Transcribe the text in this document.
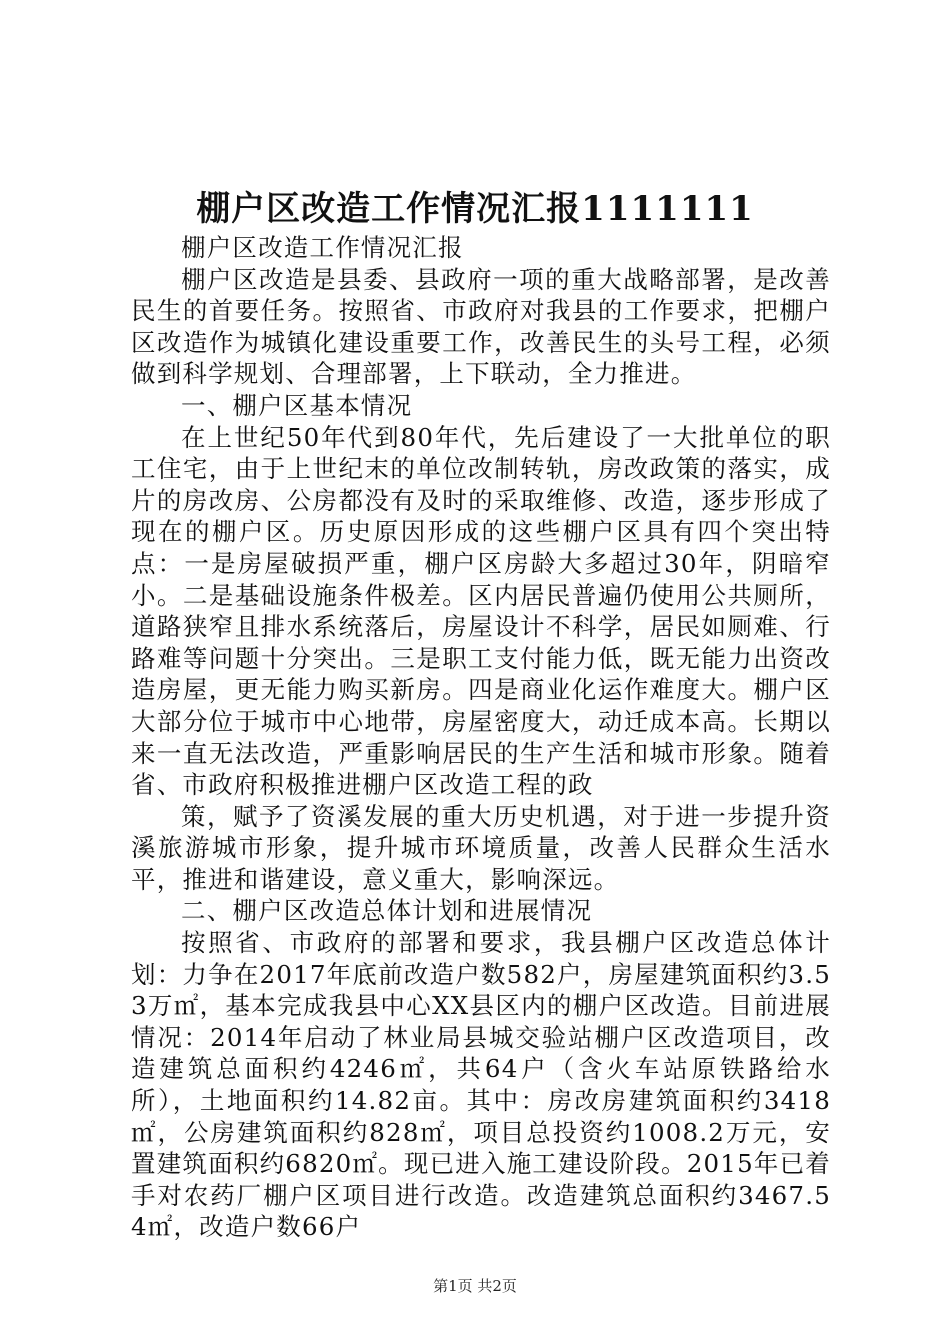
棚户区改造工作情况汇报1111111

棚户区改造工作情况汇报

棚户区改造是县委、县政府一项的重大战略部署，是改善民生的首要任务。按照省、市政府对我县的工作要求，把棚户区改造作为城镇化建设重要工作，改善民生的头号工程，必须做到科学规划、合理部署，上下联动，全力推进。

一、棚户区基本情况

在上世纪50年代到80年代，先后建设了一大批单位的职工住宅，由于上世纪末的单位改制转轨，房改政策的落实，成片的房改房、公房都没有及时的采取维修、改造，逐步形成了现在的棚户区。历史原因形成的这些棚户区具有四个突出特点：一是房屋破损严重，棚户区房龄大多超过30年，阴暗窄小。二是基础设施条件极差。区内居民普遍仍使用公共厕所，道路狭窄且排水系统落后，房屋设计不科学，居民如厕难、行路难等问题十分突出。三是职工支付能力低，既无能力出资改造房屋，更无能力购买新房。四是商业化运作难度大。棚户区大部分位于城市中心地带，房屋密度大，动迁成本高。长期以来一直无法改造，严重影响居民的生产生活和城市形象。随着省、市政府积极推进棚户区改造工程的政

策，赋予了资溪发展的重大历史机遇，对于进一步提升资溪旅游城市形象，提升城市环境质量，改善人民群众生活水平，推进和谐建设，意义重大，影响深远。

二、棚户区改造总体计划和进展情况

按照省、市政府的部署和要求，我县棚户区改造总体计划：力争在2017年底前改造户数582户，房屋建筑面积约3.53万㎡，基本完成我县中心XX县区内的棚户区改造。目前进展情况：2014年启动了林业局县城交验站棚户区改造项目，改造建筑总面积约4246㎡，共64户（含火车站原铁路给水所），土地面积约14.82亩。其中：房改房建筑面积约3418㎡，公房建筑面积约828㎡，项目总投资约1008.2万元，安置建筑面积约6820㎡。现已进入施工建设阶段。2015年已着手对农药厂棚户区项目进行改造。改造建筑总面积约3467.54㎡，改造户数66户

第1页 共2页
